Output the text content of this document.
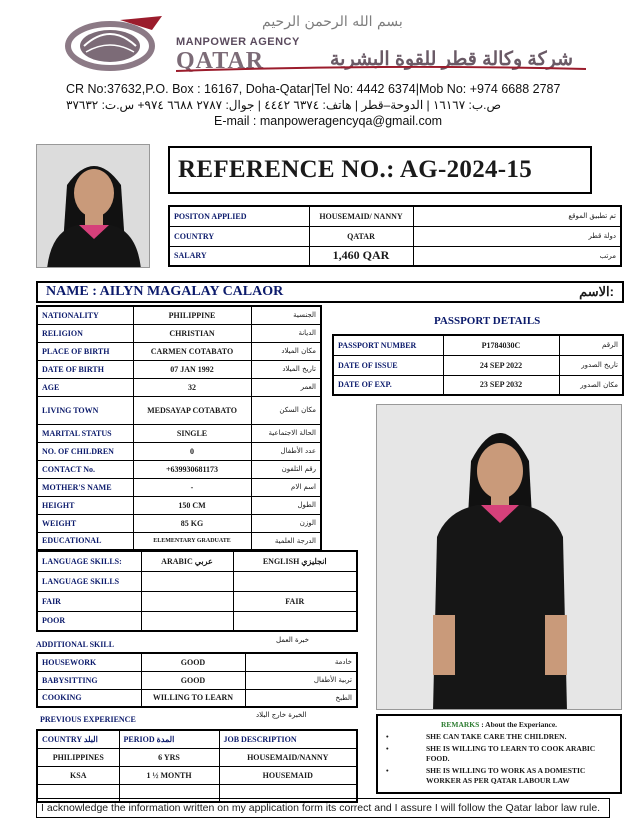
بسم الله الرحمن الرحيم
MANPOWER AGENCY
QATAR	شركة وكالة قطر للقوة البشرية
CR No:37632,P.O. Box : 16167, Doha-Qatar|Tel No: 4442 6374|Mob No: +974 6688 2787
ص.ب: ١٦١٦٧ | الدوحة–قطر | هاتف: ٦٣٧٤ ٤٤٤٢ | جوال: ٢٧٨٧ ٦٦٨٨ ٩٧٤+ س.ت: ٣٧٦٣٢
E-mail : manpoweragencyqa@gmail.com
REFERENCE NO.: AG-2024-15
POSITON APPLIED	HOUSEMAID/ NANNY	تم تطبيق الموقع
COUNTRY	QATAR	دولة قطر
SALARY	1,460 QAR	مرتب
NAME : AILYN MAGALAY CALAOR	الاسم:
NATIONALITY	PHILIPPINE	الجنسية
RELIGION	CHRISTIAN	الديانة
PLACE OF BIRTH	CARMEN COTABATO	مكان الميلاد
DATE OF BIRTH	07 JAN 1992	تاريخ الميلاد
AGE	32	العمر
LIVING TOWN	MEDSAYAP COTABATO	مكان السكن
MARITAL STATUS	SINGLE	الحالة الاجتماعية
NO. OF CHILDREN	0	عدد الأطفال
CONTACT No.	+639930681173	رقم التلفون
MOTHER'S NAME	-	اسم الام
HEIGHT	150 CM	الطول
WEIGHT	85 KG	الوزن
EDUCATIONAL	ELEMENTARY GRADUATE	الدرجة العلمية
PASSPORT DETAILS
PASSPORT NUMBER	P1784030C	الرقم
DATE OF ISSUE	24 SEP 2022	تاريخ الصدور
DATE OF EXP.	23 SEP 2032	مكان الصدور
LANGUAGE SKILLS:	ARABIC عربي	ENGLISH انجليزي
LANGUAGE SKILLS		
FAIR		FAIR
POOR		
ADDITIONAL SKILL	خبرة العمل
HOUSEWORK	GOOD	خادمة
BABYSITTING	GOOD	تربية الأطفال
COOKING	WILLING TO LEARN	الطبخ
PREVIOUS EXPERIENCE	الخبرة خارج البلاد
COUNTRY البلد	PERIOD المدة	JOB DESCRIPTION
PHILIPPINES	6 YRS	HOUSEMAID/NANNY
KSA	1 ½ MONTH	HOUSEMAID

REMARKS : About the Experiance.
• SHE CAN TAKE CARE THE CHILDREN.
• SHE IS WILLING TO LEARN TO COOK ARABIC FOOD.
• SHE IS WILLING TO WORK AS A DOMESTIC WORKER AS PER QATAR LABOUR LAW
I acknowledge the information written on my application form its correct and I assure I will follow the Qatar labor law rule.
